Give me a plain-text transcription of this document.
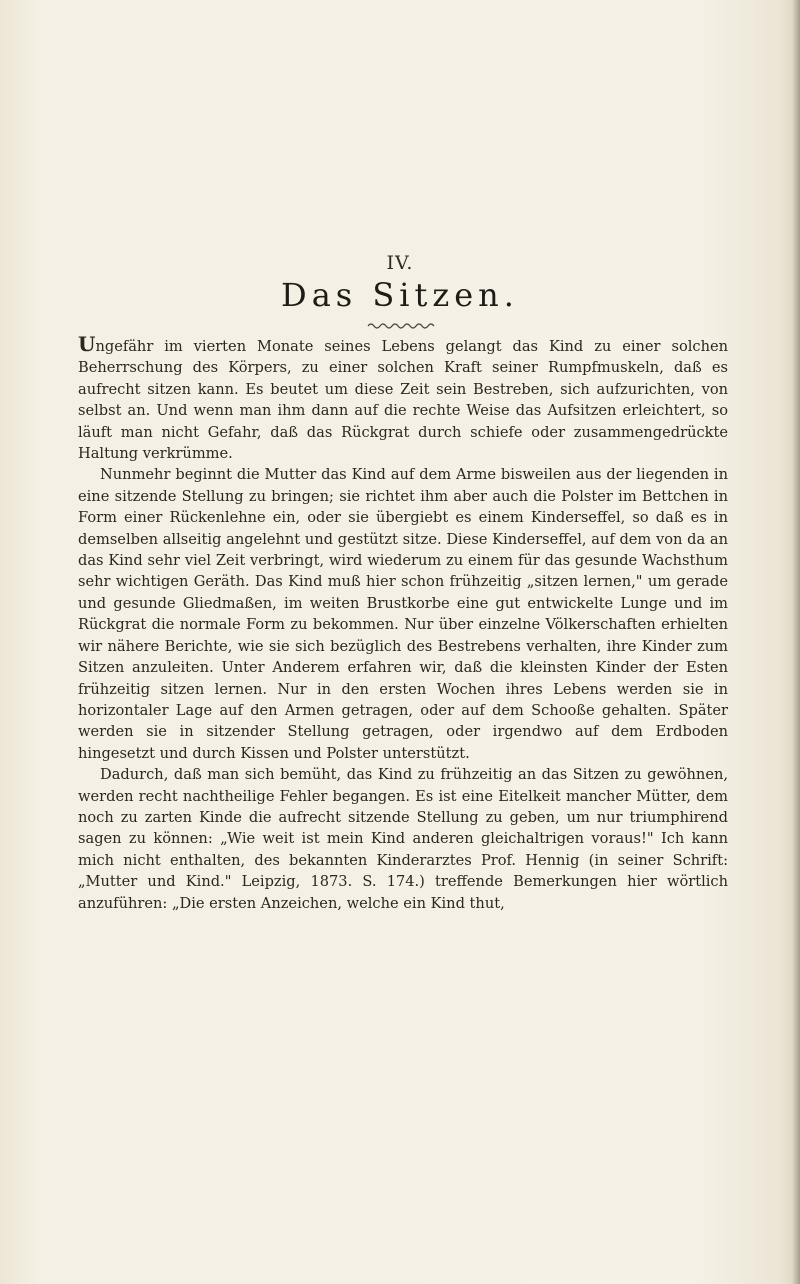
IV.
Das Sitzen.

Ungefähr im vierten Monate seines Lebens gelangt das Kind zu einer solchen Beherrschung des Körpers, zu einer solchen Kraft seiner Rumpfmuskeln, daß es aufrecht sitzen kann. Es beutet um diese Zeit sein Bestreben, sich aufzurichten, von selbst an. Und wenn man ihm dann auf die rechte Weise das Aufsitzen erleichtert, so läuft man nicht Gefahr, daß das Rückgrat durch schiefe oder zusammengedrückte Haltung verkrümme.

Nunmehr beginnt die Mutter das Kind auf dem Arme bisweilen aus der liegenden in eine sitzende Stellung zu bringen; sie richtet ihm aber auch die Polster im Bettchen in Form einer Rückenlehne ein, oder sie übergiebt es einem Kinderseffel, so daß es in demselben allseitig angelehnt und gestützt sitze. Diese Kinderseffel, auf dem von da an das Kind sehr viel Zeit verbringt, wird wiederum zu einem für das gesunde Wachsthum sehr wichtigen Geräth. Das Kind muß hier schon frühzeitig „sitzen lernen," um gerade und gesunde Gliedmaßen, im weiten Brustkorbe eine gut entwickelte Lunge und im Rückgrat die normale Form zu bekommen. Nur über einzelne Völkerschaften erhielten wir nähere Berichte, wie sie sich bezüglich des Bestrebens verhalten, ihre Kinder zum Sitzen anzuleiten. Unter Anderem erfahren wir, daß die kleinsten Kinder der Esten frühzeitig sitzen lernen. Nur in den ersten Wochen ihres Lebens werden sie in horizontaler Lage auf den Armen getragen, oder auf dem Schooße gehalten. Später werden sie in sitzender Stellung getragen, oder irgendwo auf dem Erdboden hingesetzt und durch Kissen und Polster unterstützt.

Dadurch, daß man sich bemüht, das Kind zu frühzeitig an das Sitzen zu gewöhnen, werden recht nachtheilige Fehler begangen. Es ist eine Eitelkeit mancher Mütter, dem noch zu zarten Kinde die aufrecht sitzende Stellung zu geben, um nur triumphirend sagen zu können: „Wie weit ist mein Kind anderen gleichaltrigen voraus!" Ich kann mich nicht enthalten, des bekannten Kinderarztes Prof. Hennig (in seiner Schrift: „Mutter und Kind." Leipzig, 1873. S. 174.) treffende Bemerkungen hier wörtlich anzuführen: „Die ersten Anzeichen, welche ein Kind thut,
